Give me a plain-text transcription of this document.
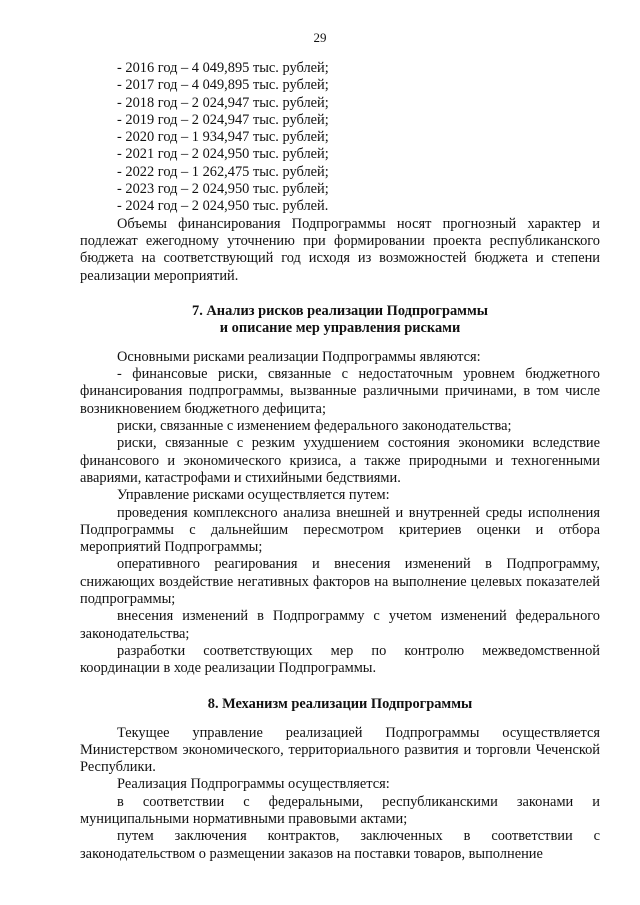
29

- 2016 год – 4 049,895 тыс. рублей;

- 2017 год – 4 049,895 тыс. рублей;

- 2018 год – 2 024,947 тыс. рублей;

- 2019 год – 2 024,947 тыс. рублей;

- 2020 год – 1 934,947 тыс. рублей;

- 2021 год – 2 024,950 тыс. рублей;

- 2022 год – 1 262,475 тыс. рублей;

- 2023 год – 2 024,950 тыс. рублей;

- 2024 год – 2 024,950 тыс. рублей.

Объемы финансирования Подпрограммы носят прогнозный характер и подлежат ежегодному уточнению при формировании проекта республиканского бюджета на соответствующий год исходя из возможностей бюджета и степени реализации мероприятий.

7. Анализ рисков реализации Подпрограммы

и описание мер управления рисками

Основными рисками реализации Подпрограммы являются:

- финансовые риски, связанные с недостаточным уровнем бюджетного финансирования подпрограммы, вызванные различными причинами, в том числе возникновением бюджетного дефицита;

риски, связанные с изменением федерального законодательства;

риски, связанные с резким ухудшением состояния экономики вследствие финансового и экономического кризиса, а также природными и техногенными авариями, катастрофами и стихийными бедствиями.

Управление рисками осуществляется путем:

проведения комплексного анализа внешней и внутренней среды исполнения Подпрограммы с дальнейшим пересмотром критериев оценки и отбора мероприятий Подпрограммы;

оперативного реагирования и внесения изменений в Подпрограмму, снижающих воздействие негативных факторов на выполнение целевых показателей подпрограммы;

внесения изменений в Подпрограмму с учетом изменений федерального законодательства;

разработки соответствующих мер по контролю межведомственной координации в ходе реализации Подпрограммы.

8. Механизм реализации Подпрограммы

Текущее управление реализацией Подпрограммы осуществляется Министерством экономического, территориального развития и торговли Чеченской Республики.

Реализация Подпрограммы осуществляется:

в соответствии с федеральными, республиканскими законами и муниципальными нормативными правовыми актами;

путем заключения контрактов, заключенных в соответствии с законодательством о размещении заказов на поставки товаров, выполнение
